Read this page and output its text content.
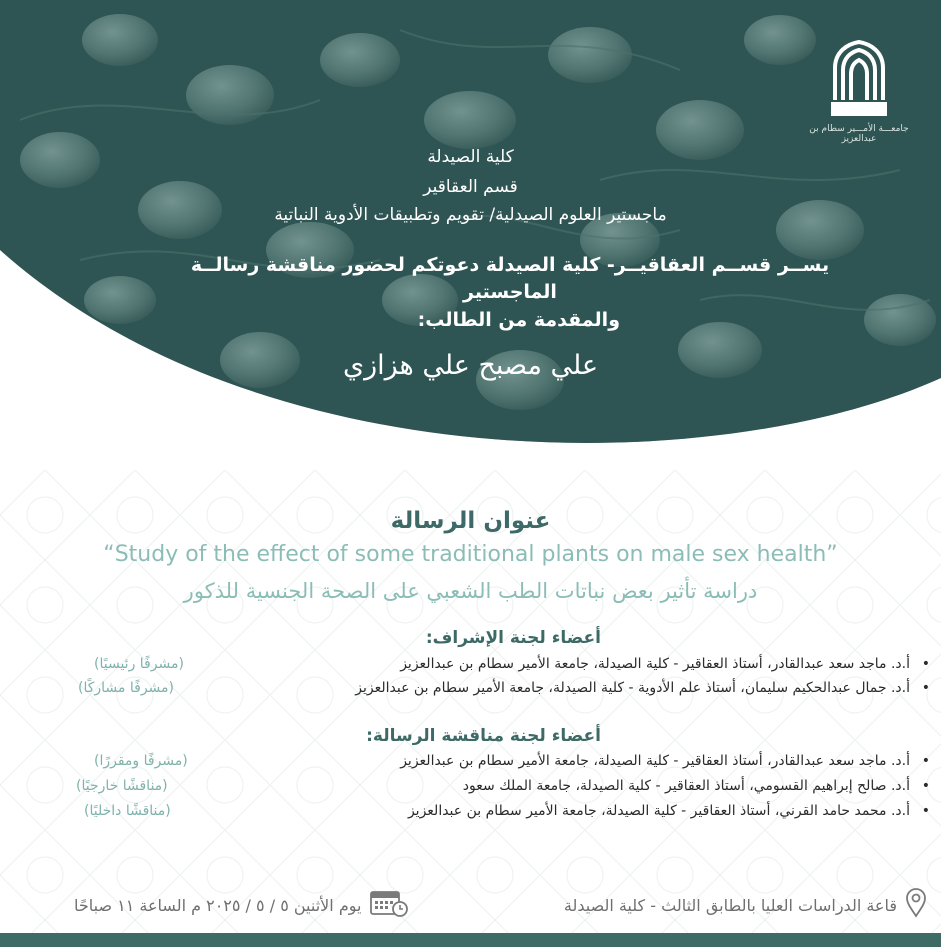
جامعـــة الأمـــير سطام بن عبدالعزيز
كلية الصيدلة
قسم العقاقير
ماجستير العلوم الصيدلية/ تقويم وتطبيقات الأدوية النباتية
يســر قســم العقاقيــر- كلية الصيدلة دعوتكم لحضور مناقشة رسالــة
الماجستير
والمقدمة من الطالب:
علي مصبح علي هزازي
عنوان الرسالة
“Study of the effect of some traditional plants on male sex health”
دراسة تأثير بعض نباتات الطب الشعبي على الصحة الجنسية للذكور
أعضاء لجنة الإشراف:
•
أ.د. ماجد سعد عبدالقادر، أستاذ العقاقير - كلية الصيدلة، جامعة الأمير سطام بن عبدالعزيز
(مشرفًا رئيسيًا)
•
أ.د. جمال عبدالحكيم سليمان، أستاذ علم الأدوية - كلية الصيدلة، جامعة الأمير سطام بن عبدالعزيز
(مشرفًا مشاركًا)
أعضاء لجنة مناقشة الرسالة:
•
أ.د. ماجد سعد عبدالقادر، أستاذ العقاقير - كلية الصيدلة، جامعة الأمير سطام بن عبدالعزيز
(مشرفًا ومقررًا)
•
أ.د. صالح إبراهيم القسومي، أستاذ العقاقير - كلية الصيدلة، جامعة الملك سعود
(مناقشًا خارجيًا)
•
أ.د. محمد حامد القرني، أستاذ العقاقير - كلية الصيدلة، جامعة الأمير سطام بن عبدالعزيز
(مناقشًا داخليًا)
قاعة الدراسات العليا بالطابق الثالث - كلية الصيدلة
يوم الأثنين ٥ / ٥ / ٢٠٢٥ م الساعة ١١ صباحًا
